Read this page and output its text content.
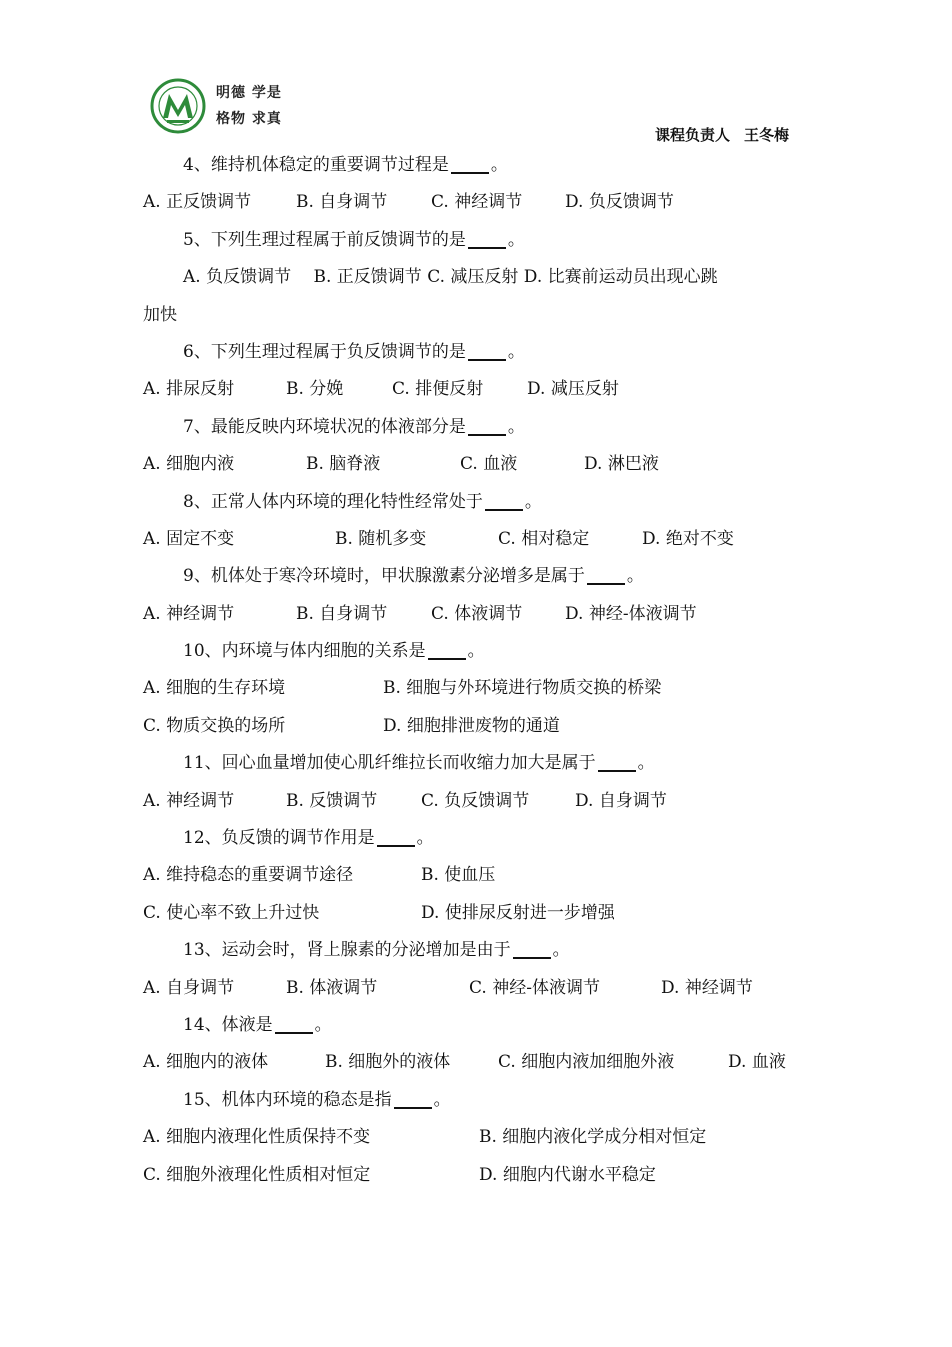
明德 学是
格物 求真
课程负责人 王冬梅
4、维持机体稳定的重要调节过程是 。
A. 正反馈调节	B. 自身调节	C. 神经调节	D. 负反馈调节
5、下列生理过程属于前反馈调节的是 。
A. 负反馈调节　 B. 正反馈调节 C. 减压反射 D. 比赛前运动员出现心跳
加快
6、下列生理过程属于负反馈调节的是 。
A. 排尿反射	B. 分娩	C. 排便反射	D. 减压反射
7、最能反映内环境状况的体液部分是 。
A. 细胞内液	B. 脑脊液	C. 血液	D. 淋巴液
8、正常人体内环境的理化特性经常处于 。
A. 固定不变	B. 随机多变	C. 相对稳定	D. 绝对不变
9、机体处于寒冷环境时，甲状腺激素分泌增多是属于 。
A. 神经调节	B. 自身调节	C. 体液调节	D. 神经-体液调节
10、内环境与体内细胞的关系是 。
A. 细胞的生存环境	B. 细胞与外环境进行物质交换的桥梁
C. 物质交换的场所	D. 细胞排泄废物的通道
11、回心血量增加使心肌纤维拉长而收缩力加大是属于 。
A. 神经调节	B. 反馈调节	C. 负反馈调节	D. 自身调节
12、负反馈的调节作用是 。
A. 维持稳态的重要调节途径	B. 使血压
C. 使心率不致上升过快	D. 使排尿反射进一步增强
13、运动会时，肾上腺素的分泌增加是由于 。
A. 自身调节	B. 体液调节	C. 神经-体液调节	D. 神经调节
14、体液是 。
A. 细胞内的液体	B. 细胞外的液体	C. 细胞内液加细胞外液	D. 血液
15、机体内环境的稳态是指 。
A. 细胞内液理化性质保持不变	B. 细胞内液化学成分相对恒定
C. 细胞外液理化性质相对恒定	D. 细胞内代谢水平稳定
